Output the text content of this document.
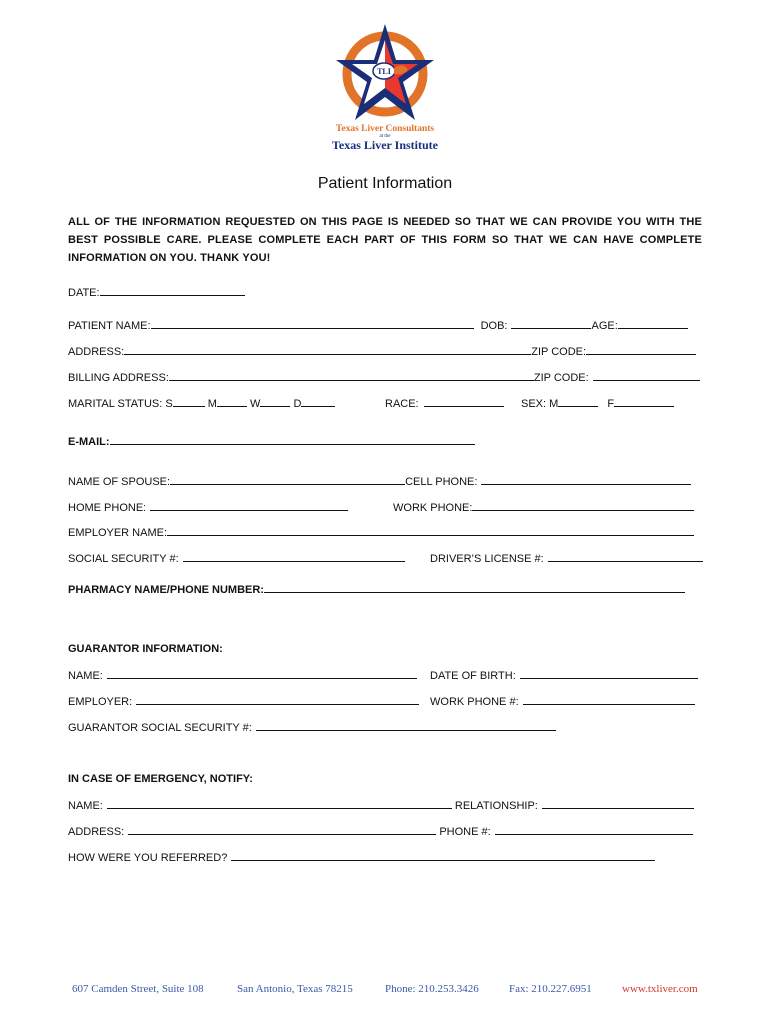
TLI
Texas Liver Consultants
at the
Texas Liver Institute
Patient Information
ALL OF THE INFORMATION REQUESTED ON THIS PAGE IS NEEDED SO THAT WE CAN PROVIDE YOU WITH THE BEST POSSIBLE CARE. PLEASE COMPLETE EACH PART OF THIS FORM SO THAT WE CAN HAVE COMPLETE INFORMATION ON YOU. THANK YOU!
DATE:
PATIENT NAME:	DOB:	AGE:
ADDRESS:	ZIP CODE:
BILLING ADDRESS:	ZIP CODE:
MARITAL STATUS: S	M	W	D	RACE:	SEX: M	F
E-MAIL:
NAME OF SPOUSE:	CELL PHONE:
HOME PHONE:	WORK PHONE:
EMPLOYER NAME:
SOCIAL SECURITY #:	DRIVER’S LICENSE #:
PHARMACY NAME/PHONE NUMBER:
GUARANTOR INFORMATION:
NAME:	DATE OF BIRTH:
EMPLOYER:	WORK PHONE #:
GUARANTOR SOCIAL SECURITY #:
IN CASE OF EMERGENCY, NOTIFY:
NAME:	RELATIONSHIP:
ADDRESS:	PHONE #:
HOW WERE YOU REFERRED?
607 Camden Street, Suite 108	San Antonio, Texas 78215	Phone: 210.253.3426	Fax: 210.227.6951	www.txliver.com
